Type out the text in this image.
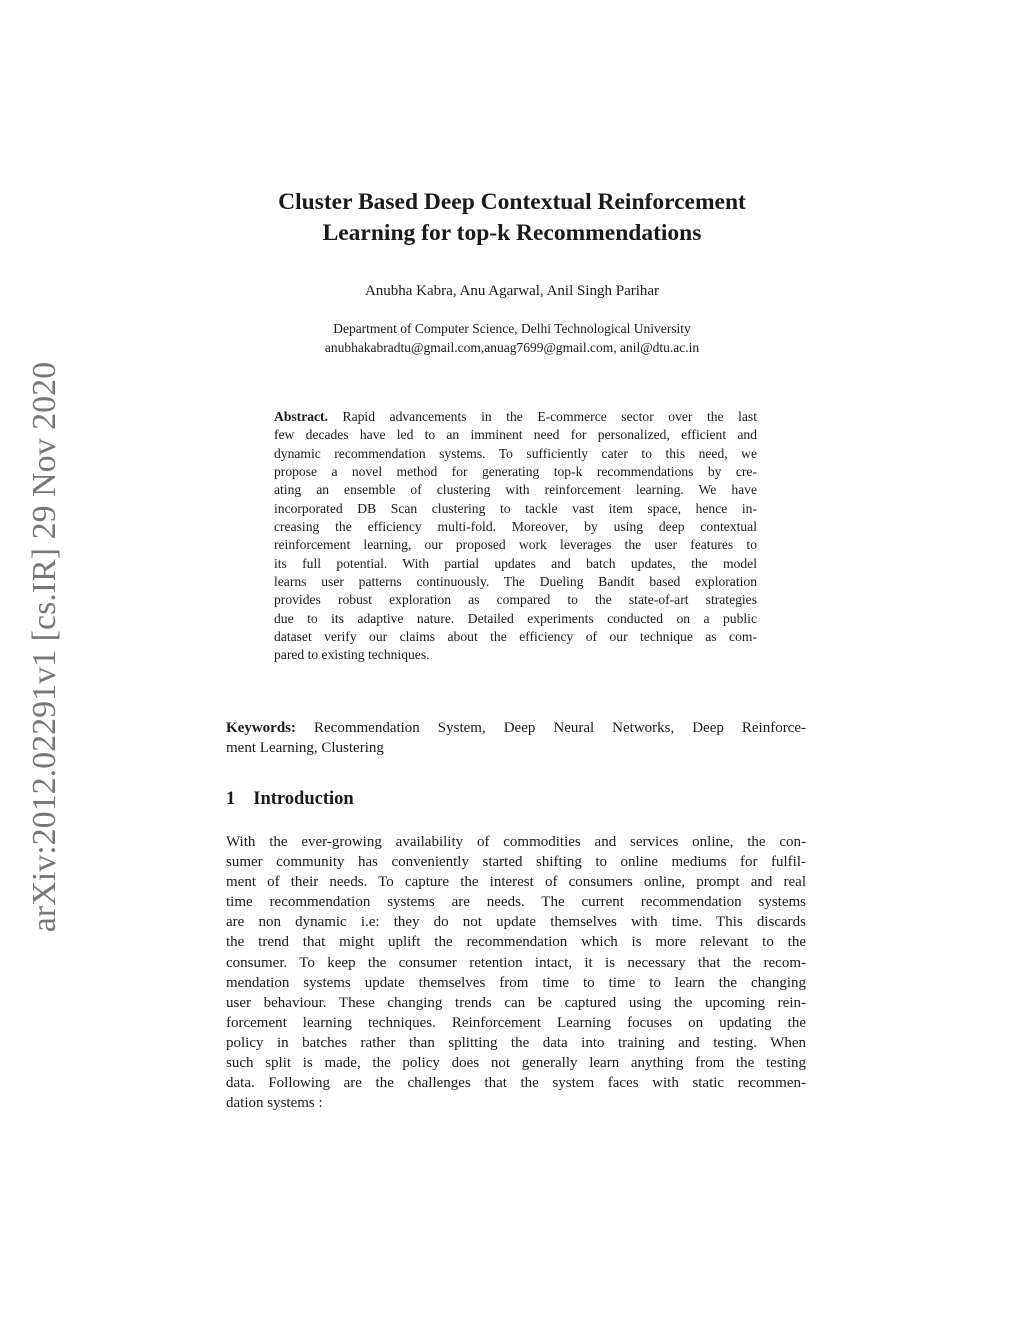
arXiv:2012.02291v1 [cs.IR] 29 Nov 2020
Cluster Based Deep Contextual Reinforcement
Learning for top-k Recommendations
Anubha Kabra, Anu Agarwal, Anil Singh Parihar
Department of Computer Science, Delhi Technological University
anubhakabradtu@gmail.com,anuag7699@gmail.com, anil@dtu.ac.in
Abstract. Rapid advancements in the E-commerce sector over the last
few decades have led to an imminent need for personalized, efficient and
dynamic recommendation systems. To sufficiently cater to this need, we
propose a novel method for generating top-k recommendations by cre-
ating an ensemble of clustering with reinforcement learning. We have
incorporated DB Scan clustering to tackle vast item space, hence in-
creasing the efficiency multi-fold. Moreover, by using deep contextual
reinforcement learning, our proposed work leverages the user features to
its full potential. With partial updates and batch updates, the model
learns user patterns continuously. The Dueling Bandit based exploration
provides robust exploration as compared to the state-of-art strategies
due to its adaptive nature. Detailed experiments conducted on a public
dataset verify our claims about the efficiency of our technique as com-
pared to existing techniques.
Keywords: Recommendation System, Deep Neural Networks, Deep Reinforce-
ment Learning, Clustering
1 Introduction
With the ever-growing availability of commodities and services online, the con-
sumer community has conveniently started shifting to online mediums for fulfil-
ment of their needs. To capture the interest of consumers online, prompt and real
time recommendation systems are needs. The current recommendation systems
are non dynamic i.e: they do not update themselves with time. This discards
the trend that might uplift the recommendation which is more relevant to the
consumer. To keep the consumer retention intact, it is necessary that the recom-
mendation systems update themselves from time to time to learn the changing
user behaviour. These changing trends can be captured using the upcoming rein-
forcement learning techniques. Reinforcement Learning focuses on updating the
policy in batches rather than splitting the data into training and testing. When
such split is made, the policy does not generally learn anything from the testing
data. Following are the challenges that the system faces with static recommen-
dation systems :
